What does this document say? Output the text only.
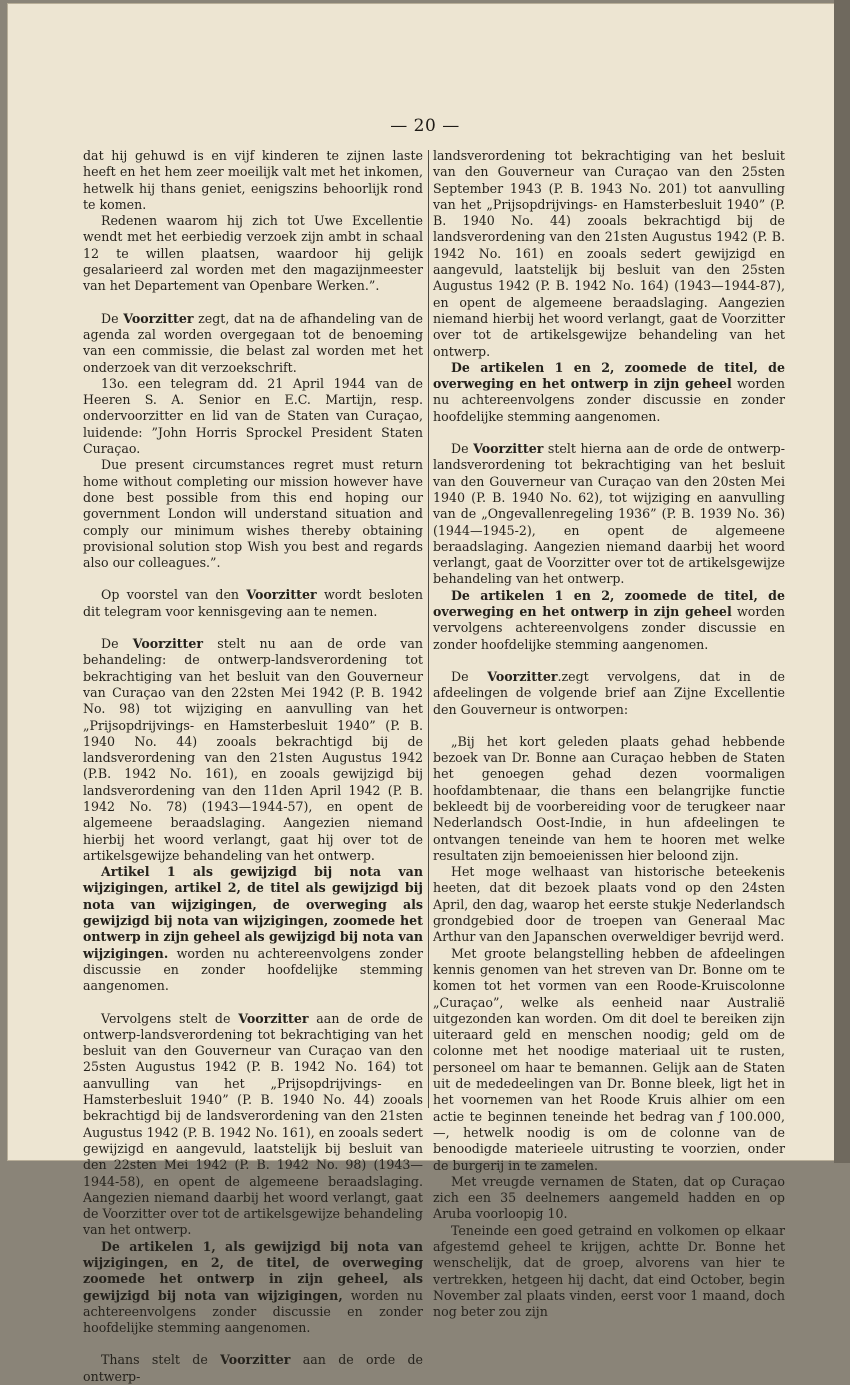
— 20 —

dat hij gehuwd is en vijf kinderen te zijnen laste heeft en het hem zeer moeilijk valt met het inkomen, hetwelk hij thans geniet, eenigszins behoorlijk rond te komen.

Redenen waarom hij zich tot Uwe Excellentie wendt met het eerbiedig verzoek zijn ambt in schaal 12 te willen plaatsen, waardoor hij gelijk gesalarieerd zal worden met den magazijnmeester van het Departement van Openbare Werken.”.

De Voorzitter zegt, dat na de afhandeling van de agenda zal worden overgegaan tot de benoeming van een commissie, die belast zal worden met het onderzoek van dit verzoekschrift.

13o. een telegram dd. 21 April 1944 van de Heeren S. A. Senior en E.C. Martijn, resp. ondervoorzitter en lid van de Staten van Curaçao, luidende: ”John Horris Sprockel President Staten Curaçao.

Due present circumstances regret must return home without completing our mission however have done best possible from this end hoping our government London will understand situation and comply our minimum wishes thereby obtaining provisional solution stop Wish you best and regards also our colleagues.”.

Op voorstel van den Voorzitter wordt besloten dit telegram voor kennisgeving aan te nemen.

De Voorzitter stelt nu aan de orde van behandeling: de ontwerp-landsverordening tot bekrachtiging van het besluit van den Gouverneur van Curaçao van den 22sten Mei 1942 (P. B. 1942 No. 98) tot wijziging en aanvulling van het „Prijsopdrijvings- en Hamsterbesluit 1940” (P. B. 1940 No. 44) zooals bekrachtigd bij de landsverordening van den 21sten Augustus 1942 (P.B. 1942 No. 161), en zooals gewijzigd bij landsverordening van den 11den April 1942 (P. B. 1942 No. 78) (1943—1944-57), en opent de algemeene beraadslaging. Aangezien niemand hierbij het woord verlangt, gaat hij over tot de artikelsgewijze behandeling van het ontwerp.

Artikel 1 als gewijzigd bij nota van wijzigingen, artikel 2, de titel als gewijzigd bij nota van wijzigingen, de overweging als gewijzigd bij nota van wijzigingen, zoomede het ontwerp in zijn geheel als gewijzigd bij nota van wijzigingen. worden nu achtereenvolgens zonder discussie en zonder hoofdelijke stemming aangenomen.

Vervolgens stelt de Voorzitter aan de orde de ontwerp-landsverordening tot bekrachtiging van het besluit van den Gouverneur van Curaçao van den 25sten Augustus 1942 (P. B. 1942 No. 164) tot aanvulling van het „Prijsopdrijvings- en Hamsterbesluit 1940” (P. B. 1940 No. 44) zooals bekrachtigd bij de landsverordening van den 21sten Augustus 1942 (P. B. 1942 No. 161), en zooals sedert gewijzigd en aangevuld, laatstelijk bij besluit van den 22sten Mei 1942 (P. B. 1942 No. 98) (1943—1944-58), en opent de algemeene beraadslaging. Aangezien niemand daarbij het woord verlangt, gaat de Voorzitter over tot de artikelsgewijze behandeling van het ontwerp.

De artikelen 1, als gewijzigd bij nota van wijzigingen, en 2, de titel, de overweging zoomede het ontwerp in zijn geheel, als gewijzigd bij nota van wijzigingen, worden nu achtereenvolgens zonder discussie en zonder hoofdelijke stemming aangenomen.

Thans stelt de Voorzitter aan de orde de ontwerp-

landsverordening tot bekrachtiging van het besluit van den Gouverneur van Curaçao van den 25sten September 1943 (P. B. 1943 No. 201) tot aanvulling van het „Prijsopdrijvings- en Hamsterbesluit 1940” (P. B. 1940 No. 44) zooals bekrachtigd bij de landsverordening van den 21sten Augustus 1942 (P. B. 1942 No. 161) en zooals sedert gewijzigd en aangevuld, laatstelijk bij besluit van den 25sten Augustus 1942 (P. B. 1942 No. 164) (1943—1944-87), en opent de algemeene beraadslaging. Aangezien niemand hierbij het woord verlangt, gaat de Voorzitter over tot de artikelsgewijze behandeling van het ontwerp.

De artikelen 1 en 2, zoomede de titel, de overweging en het ontwerp in zijn geheel worden nu achtereenvolgens zonder discussie en zonder hoofdelijke stemming aangenomen.

De Voorzitter stelt hierna aan de orde de ontwerp-landsverordening tot bekrachtiging van het besluit van den Gouverneur van Curaçao van den 20sten Mei 1940 (P. B. 1940 No. 62), tot wijziging en aanvulling van de „Ongevallenregeling 1936” (P. B. 1939 No. 36) (1944—1945-2), en opent de algemeene beraadslaging. Aangezien niemand daarbij het woord verlangt, gaat de Voorzitter over tot de artikelsgewijze behandeling van het ontwerp.

De artikelen 1 en 2, zoomede de titel, de overweging en het ontwerp in zijn geheel worden vervolgens achtereenvolgens zonder discussie en zonder hoofdelijke stemming aangenomen.

De Voorzitter.zegt vervolgens, dat in de afdeelingen de volgende brief aan Zijne Excellentie den Gouverneur is ontworpen:

„Bij het kort geleden plaats gehad hebbende bezoek van Dr. Bonne aan Curaçao hebben de Staten het genoegen gehad dezen voormaligen hoofdambtenaar, die thans een belangrijke functie bekleedt bij de voorbereiding voor de terugkeer naar Nederlandsch Oost-Indie, in hun afdeelingen te ontvangen teneinde van hem te hooren met welke resultaten zijn bemoeienissen hier beloond zijn.

Het moge welhaast van historische beteekenis heeten, dat dit bezoek plaats vond op den 24sten April, den dag, waarop het eerste stukje Nederlandsch grondgebied door de troepen van Generaal Mac Arthur van den Japanschen overweldiger bevrijd werd.

Met groote belangstelling hebben de afdeelingen kennis genomen van het streven van Dr. Bonne om te komen tot het vormen van een Roode-Kruiscolonne „Curaçao”, welke als eenheid naar Australië uitgezonden kan worden. Om dit doel te bereiken zijn uiteraard geld en menschen noodig; geld om de colonne met het noodige materiaal uit te rusten, personeel om haar te bemannen. Gelijk aan de Staten uit de mededeelingen van Dr. Bonne bleek, ligt het in het voornemen van het Roode Kruis alhier om een actie te beginnen teneinde het bedrag van ƒ 100.000,—, hetwelk noodig is om de colonne van de benoodigde materieele uitrusting te voorzien, onder de burgerij in te zamelen.

Met vreugde vernamen de Staten, dat op Curaçao zich een 35 deelnemers aangemeld hadden en op Aruba voorloopig 10.

Teneinde een goed getraind en volkomen op elkaar afgestemd geheel te krijgen, achtte Dr. Bonne het wenschelijk, dat de groep, alvorens van hier te vertrekken, hetgeen hij dacht, dat eind October, begin November zal plaats vinden, eerst voor 1 maand, doch nog beter zou zijn
